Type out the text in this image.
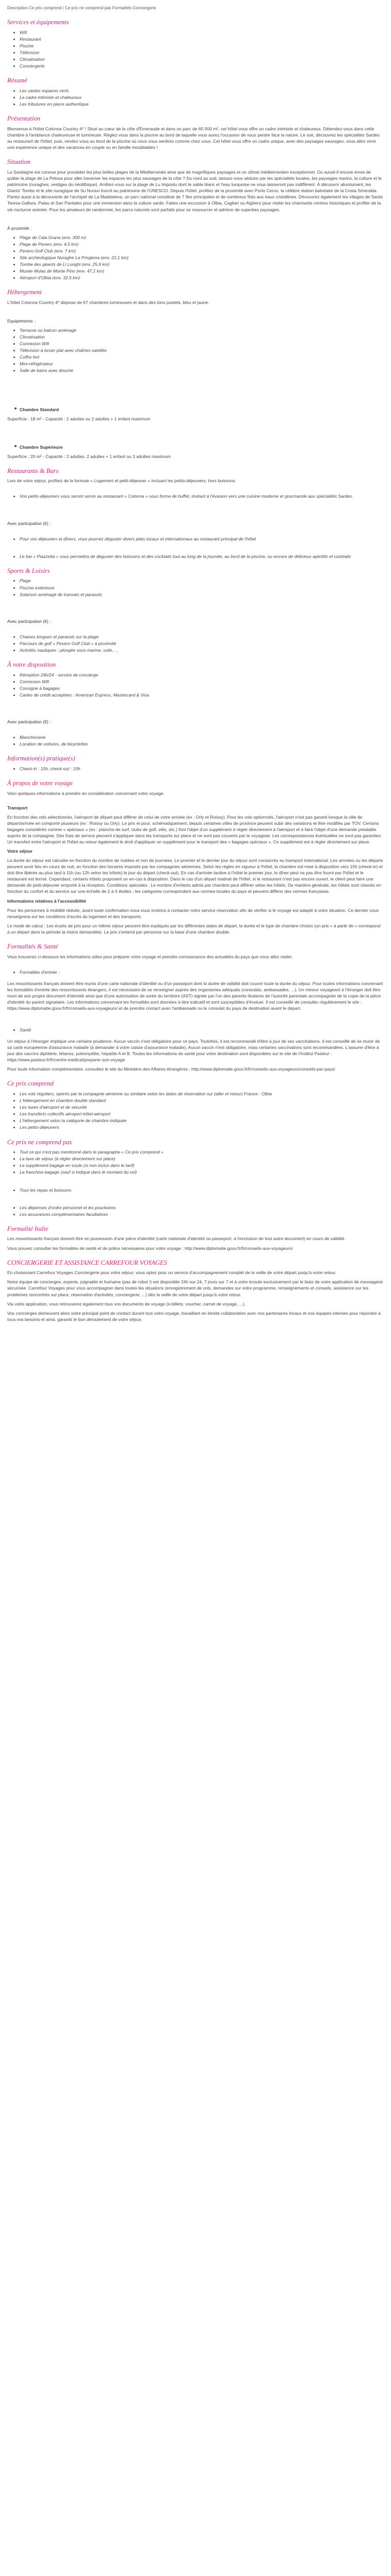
Description Ce prix comprend / Ce prix ne comprend pas Formalités Conciergerie
Services et équipements
• Wifi
• Restaurant
• Piscine
• Télévision
• Climatisation
• Conciergerie
Résumé
• Les vastes espaces verts
• Le cadre intimiste et chaleureux
• Les tribulures en pierre authentique
Présentation

Bienvenue à l'hôtel Colonna Country 4* ! Situé au cœur de la côte d'Émeraude et dans un parc de 60 000 m², cet hôtel vous offre un cadre intimiste et chaleureux. Détendez-vous dans cette chambre à l'ambiance chaleureuse et lumineuse. Réglez-vous dans la piscine au bord de laquelle vous aurez l'occasion de vous perdre face la nature. Le soir, découvrez les spécialités Sardes au restaurant de l'hôtel, puis, rendez-vous au bord de la piscine où vous vous sentirez comme chez vous. Cet hôtel vous offre un cadre unique, avec des paysages sauvages, vous allez vivre une expérience unique et des vacances en couple ou en famille inoubliables !

Situation

La Sardaigne est connue pour posséder les plus belles plages de la Méditerranée ainsi que de magnifiques paysages et un climat méditerranéen exceptionnel. Ou aurait-il encore envie de quitter la plage de La Pelosa pour aller traverser les espaces les plus sauvages de la côte ? Du nord au sud, laissez-vous séduire par les spécialités locales, les paysages marins, la culture et le patrimoine (nuraghes, vestiges du néolithique). Arrêtez-vous sur la plage de Lu Impostu dont le sable blanc et l'eau turquoise ne vous laisseront pas indifférent. À découvrir absolument, les Giants' Tombs et le site nuragique de Su Nuraxi inscrit au patrimoine de l'UNESCO. Depuis l'hôtel, profitez de la proximité avec Porto Cervo, la célèbre station balnéaire de la Costa Smeralda. Partez aussi à la découverte de l'archipel de La Maddalena, un parc national constitué de 7 îles principales et de nombreux îlots aux eaux cristallines. Découvrez également les villages de Santa Teresa Gallura, Palau et San Pantaleo pour une immersion dans la culture sarde. Faites une excursion à Olbia, Cagliari ou Alghero pour visiter les charmants centres historiques et profiter de la vie nocturne animée. Pour les amateurs de randonnée, les parcs naturels sont parfaits pour se ressourcer et admirer de superbes paysages.

À proximité :

• Plage de Cala Grana (env. 300 m)
• Plage de Pevero (env. 4,5 km)
• Pevero Golf Club (env. 7 km)
• Site archéologique Nuraghe La Prisgiona (env. 22,1 km)
• Tombe des géants de Li Longhi (env. 25,9 km)
• Musée Mulas de Monte Pino (env. 47,1 km)
• Aéroport d'Olbia (env. 32,5 km)
Hébergement

L'hôtel Colonna Country 4* dispose de 67 chambres lumineuses et dans des tons pastels, bleu et jaune.

Equipements :

• Terrasse ou balcon aménagé
• Climatisation
• Connexion Wifi
• Télévision à écran plat avec chaînes satellite
• Coffre-fort
• Mini-réfrigérateur
• Salle de bains avec douche
■ Chambre Standard

Superficie : 18 m² - Capacité : 2 adultes ou 2 adultes + 1 enfant maximum

■ Chambre Supérieure

Superficie : 20 m² - Capacité : 2 adultes, 2 adultes + 1 enfant ou 3 adultes maximum

Restaurants & Bars

Lors de votre séjour, profitez de la formule « Logement et petit-déjeuner » incluant les petits-déjeuners, hors boissons.

• Vos petits-déjeuners vous seront servis au restaurant « Colonna » sous forme de buffet, invitant à l'évasion vers une cuisine moderne et gourmande aux spécialités Sardes.

Avec participation (€) :

• Pour vos déjeuners et dîners, vous pourrez déguster divers plats locaux et internationaux au restaurant principal de l'hôtel
• Le bar « Piazzetta » vous permettra de déguster des boissons et des cocktails tout au long de la journée, au bord de la piscine, ou encore de délicieux apéritifs et cocktails
Sports & Loisirs
• Plage
• Piscine extérieure
• Solarium aménagé de transats et parasols

Avec participation (€) :

• Chaises longues et parasols sur la plage
• Parcours de golf « Pevero Golf Club » à proximité
• Activités nautiques : plongée sous-marine, voile, ...
À votre disposition
• Réception 24h/24 - service de concierge
• Connexion Wifi
• Consigne à bagages
• Cartes de crédit acceptées : American Express, Mastercard & Visa

Avec participation (€) :

• Blanchisserie
• Location de voitures, de bicyclettes
Information(s) pratique(s)
• Check-in : 15h, check-out : 10h
À propos de votre voyage

Voici quelques informations à prendre en considération concernant votre voyage.

Transport

En fonction des vols sélectionnés, l'aéroport de départ peut différer de celui de votre arrivée (ex : Orly et Roissy). Pour les vols optionnels, l'aéroport n'est pas garanti lorsque la ville de départ/arrivée en comporte plusieurs (ex : Roissy ou Orly). Le prix et pour, schématiquement, depuis certaines villes de province peuvent subir des variations et être modifiés par TOV. Certains bagages considérés comme « spéciaux » (ex : planche de surf, clubs de golf, vélo, etc.) font l'objet d'un supplément à régler directement à l'aéroport et à faire l'objet d'une demande préalable auprès de la compagnie. Des frais de service peuvent s'appliquer dans les transports sur place et ne sont pas couverts par le voyagiste. Les correspondances éventuelles ne sont pas garanties. Un transfert entre l'aéroport et l'hôtel au retour également le droit d'appliquer un supplément pour le transport des « bagages spéciaux ». Ce supplément est à régler directement sur place.

Votre séjour

La durée du séjour est calculée en fonction du nombre de nuitées et non de journées. Le premier et le dernier jour du séjour sont consacrés au transport international. Les arrivées ou les départs peuvent avoir lieu en cours de nuit, en fonction des horaires imposés par les compagnies aériennes. Selon les règles en vigueur à l'hôtel, la chambre est mise à disposition vers 15h (check-in) et doit être libérée au plus tard à 11h (ou 12h selon les hôtels) le jour du départ (check-out). En cas d'arrivée tardive à l'hôtel le premier jour, le dîner peut ne pas être fourni par l'hôtel et le restaurant est fermé. Cependant, certains hôtels proposent un en-cas à disposition. Dans le cas d'un départ matinal de l'hôtel, si le restaurant n'est pas encore ouvert, le client peut faire une demande de petit-déjeuner emporté à la réception. Conditions spéciales : Le nombre d'enfants admis par chambre peut différer selon les hôtels. De manière générale, les hôtels sont classés en fonction du confort et du service sur une échelle de 2 à 5 étoiles ; les catégories correspondent aux normes locales du pays et peuvent différer des normes françaises.

Informations relatives à l'accessibilité

Pour les personnes à mobilité réduite, avant toute confirmation nous vous invitons à contacter notre service réservation afin de vérifier si le voyage est adapté à votre situation. Ce dernier vous renseignera sur les conditions d'accès du logement et des transports.

Le mode de calcul : Les écarts de prix pour un même séjour peuvent être expliqués par les différentes dates de départ, la durée et le type de chambre choisis (un prix « à partir de » correspond à un départ dans la période la moins demandée). Le prix s'entend par personne sur la base d'une chambre double.

Formalités & Santé

Vous trouverez ci-dessous les informations utiles pour préparer votre voyage et prendre connaissance des actualités du pays que vous allez visiter.

• Formalités d'entrée :

Les ressortissants français doivent être munis d'une carte nationale d'identité ou d'un passeport dont la durée de validité doit couvrir toute la durée du séjour. Pour toutes informations concernant les formalités d'entrée des ressortissants étrangers, il est nécessaire de se renseigner auprès des organismes adéquats (consulats, ambassades, ...). Un mineur voyageant à l'étranger doit être muni de son propre document d'identité ainsi que d'une autorisation de sortie du territoire (AST) signée par l'un des parents titulaires de l'autorité parentale accompagnée de la copie de la pièce d'identité du parent signataire. Les informations concernant les formalités sont données à titre indicatif et sont susceptibles d'évoluer. Il est conseillé de consulter régulièrement le site : https://www.diplomatie.gouv.fr/fr/conseils-aux-voyageurs/ et de prendre contact avec l'ambassade ou le consulat du pays de destination avant le départ.

• Santé

Un séjour à l'étranger implique une certaine prudence. Aucun vaccin n'est obligatoire pour ce pays. Toutefois, il est recommandé d'être à jour de ses vaccinations. Il est conseillé de se munir de sa carte européenne d'assurance maladie (à demander à votre caisse d'assurance maladie). Aucun vaccin n'est obligatoire, mais certaines vaccinations sont recommandées. L'assurer d'être à jour des vaccins diphtérie, tétanos, poliomyélite, hépatite A et B. Toutes les informations de santé pour votre destination sont disponibles sur le site de l'Institut Pasteur : https://www.pasteur.fr/fr/centre-medical/preparer-son-voyage

Pour toute information complémentaire, consultez le site du Ministère des Affaires étrangères : http://www.diplomatie.gouv.fr/fr/conseils-aux-voyageurs/conseils-par-pays/

Ce prix comprend
• Les vols réguliers, opérés par la compagnie aérienne ou similaire selon les dates de réservation sur (aller et retour) France - Olbia
• L'hébergement en chambre double standard
• Les taxes d'aéroport et de sécurité
• Les transferts collectifs aéroport-hôtel-aéroport
• L'hébergement selon la catégorie de chambre indiquée
• Les petits-déjeuners
Ce prix ne comprend pas
• Tout ce qui n'est pas mentionné dans le paragraphe « Ce prix comprend »
• La taxe de séjour (à régler directement sur place)
• Le supplément bagage en soute (si non inclus dans le tarif)
• La franchise bagage (sauf si indiqué dans le montant du vol)
• Tous les repas et boissons
• Les dépenses d'ordre personnel et les pourboires
• Les assurances complémentaires facultatives
Formalité Italie

Les ressortissants français doivent être en possession d'une pièce d'identité (carte nationale d'identité ou passeport, à l'exclusion de tout autre document) en cours de validité.

Vous pouvez consulter les formalités de santé et de police nécessaires pour votre voyage : http://www.diplomatie.gouv.fr/fr/conseils-aux-voyageurs/

CONCIERGERIE ET ASSISTANCE CARREFOUR VOYAGES

En choisissant Carrefour Voyages Conciergerie pour votre séjour, vous optez pour un service d'accompagnement complet de la veille de votre départ jusqu'à votre retour.

Notre équipe de concierges, experte, joignable et humaine (pas de robot !) est disponible 24h sur 24, 7 jours sur 7 et à votre écoute exclusivement par le biais de votre application de messagerie sécurisée. Carrefour Voyages pour vous accompagner dans toutes les situations (enregistrement de vols, demandes sur votre programme, renseignements et conseils, assistance sur les problèmes rencontrés sur place, réservation d'activités, conciergerie, ...) dès la veille de votre départ jusqu'à votre retour.

Via votre application, vous retrouverez également tous vos documents de voyage (e-billets, voucher, carnet de voyage, ...).

Vos concierges demeurent alors votre principal point de contact durant tout votre voyage, travaillant en étroite collaboration avec nos partenaires locaux et nos équipes internes pour répondre à tous vos besoins et ainsi, garantir le bon déroulement de votre séjour.
